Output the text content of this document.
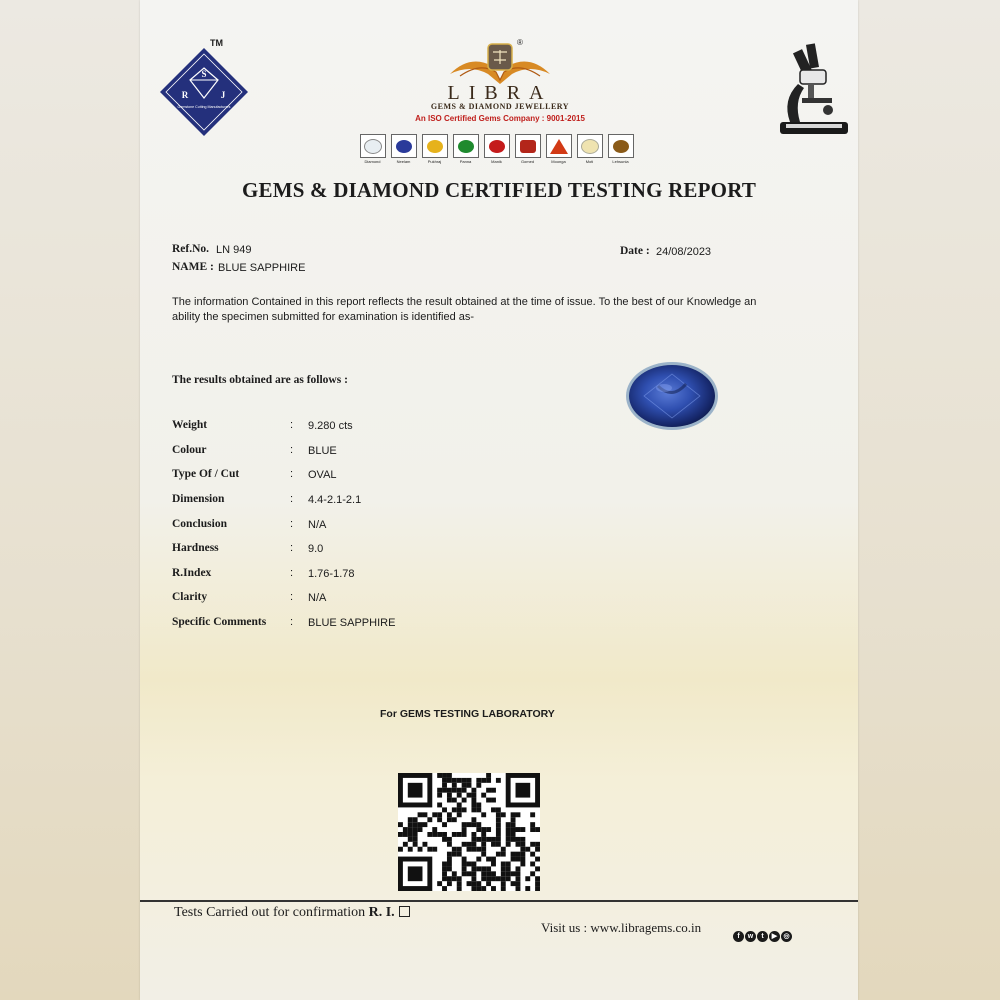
S
R	J
Gemstone Cutting Manufacturers
TM	®
LIBRA
GEMS & DIAMOND JEWELLERY
An ISO Certified Gems Company : 9001-2015
Diamond	Neelam	Pukhraj	Panna	Manik	Gomed	Moonga	Moti	Lehsunia
GEMS & DIAMOND CERTIFIED TESTING REPORT
Ref.No. LN 949
NAME : BLUE SAPPHIRE
Date : 24/08/2023
The information Contained in this report reflects the result obtained at the time of issue. To the best of our Knowledge an ability the specimen submitted for examination is identified as-
The results obtained are as follows :
Weight	: 9.280 cts
Colour	: BLUE
Type Of / Cut	: OVAL
Dimension	: 4.4-2.1-2.1
Conclusion	: N/A
Hardness	: 9.0
R.Index	: 1.76-1.78
Clarity	: N/A
Specific Comments : BLUE SAPPHIRE
For GEMS TESTING LABORATORY
Tests Carried out for confirmation R. I.
Visit us : www.libragems.co.in
f	w	t	▶ ◎
